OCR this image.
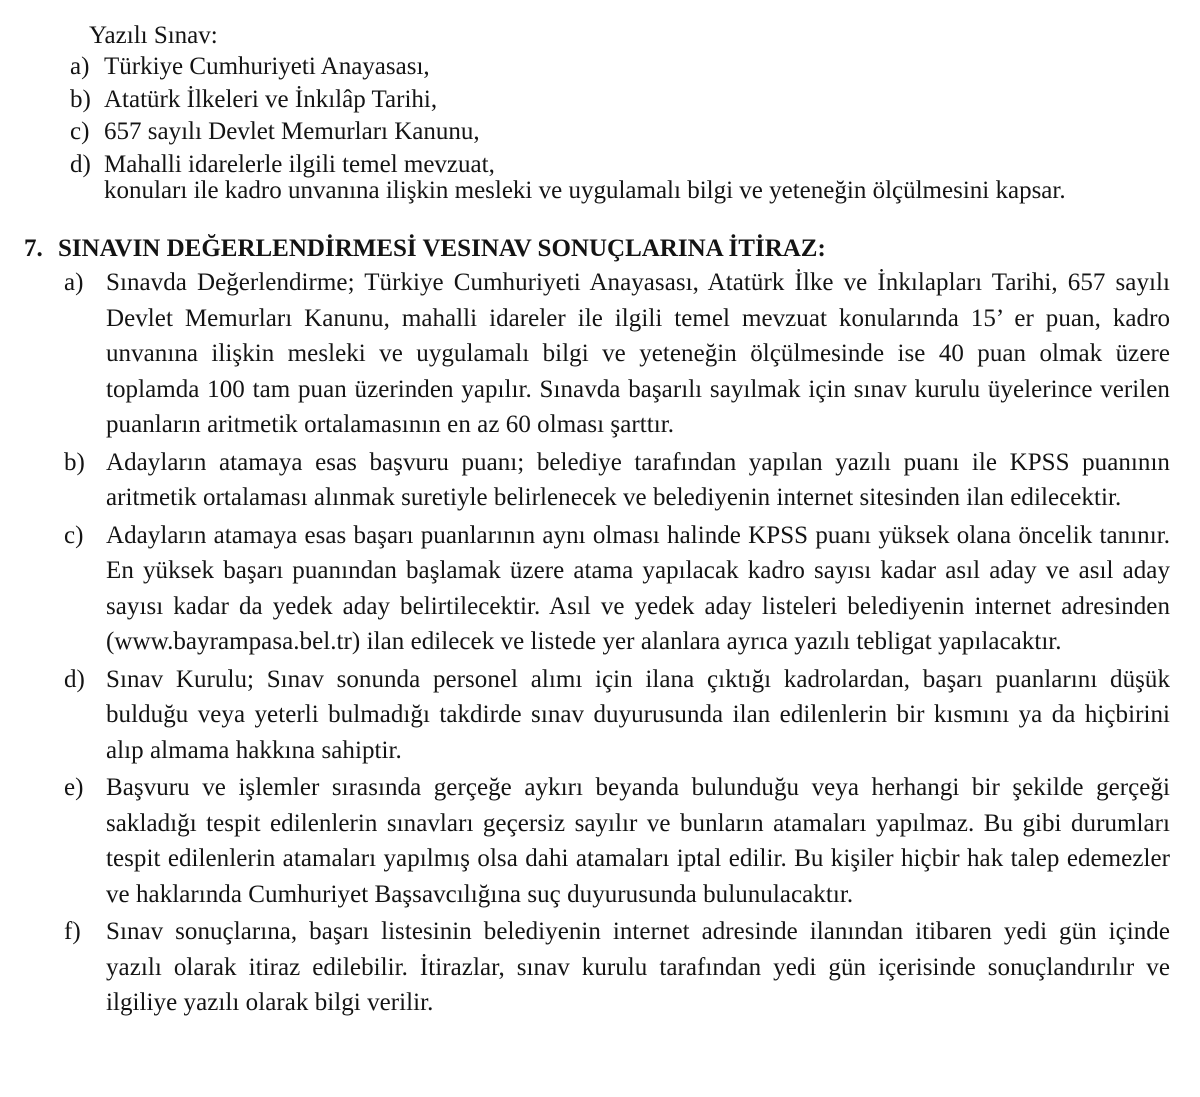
Yazılı Sınav:
a) Türkiye Cumhuriyeti Anayasası,
b) Atatürk İlkeleri ve İnkılâp Tarihi,
c) 657 sayılı Devlet Memurları Kanunu,
d) Mahalli idarelerle ilgili temel mevzuat,
konuları ile kadro unvanına ilişkin mesleki ve uygulamalı bilgi ve yeteneğin ölçülmesini kapsar.
7. SINAVIN DEĞERLENDİRMESİ VESINAV SONUÇLARINA İTİRAZ:
a) Sınavda Değerlendirme; Türkiye Cumhuriyeti Anayasası, Atatürk İlke ve İnkılapları Tarihi, 657 sayılı Devlet Memurları Kanunu, mahalli idareler ile ilgili temel mevzuat konularında 15’ er puan, kadro unvanına ilişkin mesleki ve uygulamalı bilgi ve yeteneğin ölçülmesinde ise 40 puan olmak üzere toplamda 100 tam puan üzerinden yapılır. Sınavda başarılı sayılmak için sınav kurulu üyelerince verilen puanların aritmetik ortalamasının en az 60 olması şarttır.
b) Adayların atamaya esas başvuru puanı; belediye tarafından yapılan yazılı puanı ile KPSS puanının aritmetik ortalaması alınmak suretiyle belirlenecek ve belediyenin internet sitesinden ilan edilecektir.
c) Adayların atamaya esas başarı puanlarının aynı olması halinde KPSS puanı yüksek olana öncelik tanınır. En yüksek başarı puanından başlamak üzere atama yapılacak kadro sayısı kadar asıl aday ve asıl aday sayısı kadar da yedek aday belirtilecektir. Asıl ve yedek aday listeleri belediyenin internet adresinden (www.bayrampasa.bel.tr) ilan edilecek ve listede yer alanlara ayrıca yazılı tebligat yapılacaktır.
d) Sınav Kurulu; Sınav sonunda personel alımı için ilana çıktığı kadrolardan, başarı puanlarını düşük bulduğu veya yeterli bulmadığı takdirde sınav duyurusunda ilan edilenlerin bir kısmını ya da hiçbirini alıp almama hakkına sahiptir.
e) Başvuru ve işlemler sırasında gerçeğe aykırı beyanda bulunduğu veya herhangi bir şekilde gerçeği sakladığı tespit edilenlerin sınavları geçersiz sayılır ve bunların atamaları yapılmaz. Bu gibi durumları tespit edilenlerin atamaları yapılmış olsa dahi atamaları iptal edilir. Bu kişiler hiçbir hak talep edemezler ve haklarında Cumhuriyet Başsavcılığına suç duyurusunda bulunulacaktır.
f)	Sınav sonuçlarına, başarı listesinin belediyenin internet adresinde ilanından itibaren yedi gün içinde yazılı olarak itiraz edilebilir. İtirazlar, sınav kurulu tarafından yedi gün içerisinde sonuçlandırılır ve ilgiliye yazılı olarak bilgi verilir.
